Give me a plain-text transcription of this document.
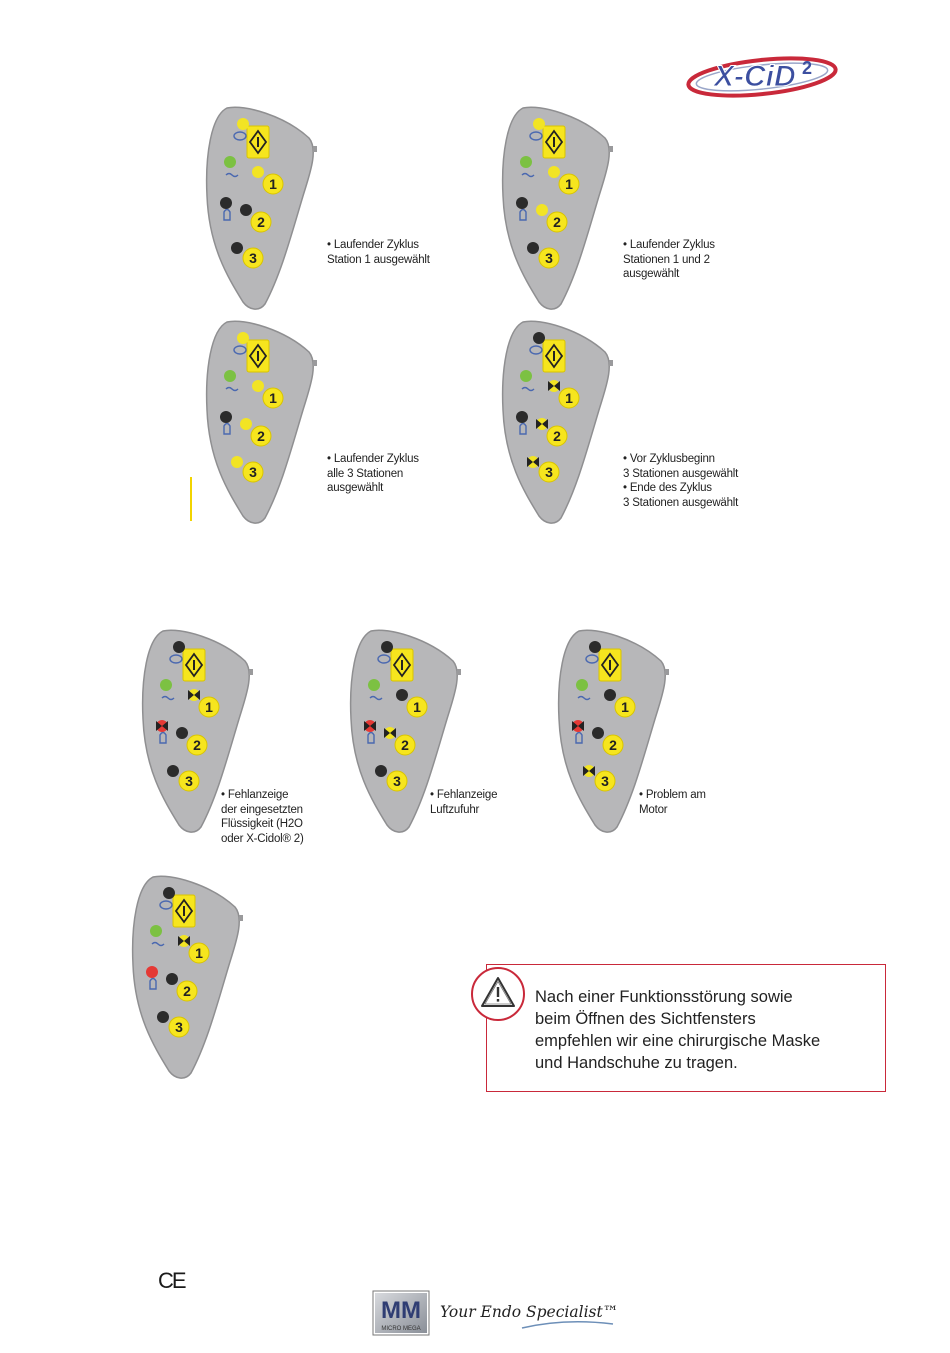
X-CiD 2
1
2
3
1
2
3
1
2
3
1
2
3
1
2
3
1
2
3
1
2
3
1
2
3
• Laufender Zyklus
Station 1 ausgewählt
• Laufender Zyklus
Stationen 1 und 2
ausgewählt
• Laufender Zyklus
alle 3 Stationen
ausgewählt
• Vor Zyklusbeginn
3 Stationen ausgewählt
• Ende des Zyklus
3 Stationen ausgewählt
• Fehlanzeige
der eingesetzten
Flüssigkeit (H2O
oder X-Cidol® 2)
• Fehlanzeige
Luftzufuhr
• Problem am
Motor
Nach einer Funktionsstörung sowie
beim Öffnen des Sichtfensters
empfehlen wir eine chirurgische Maske
und Handschuhe zu tragen.
CE
MM
MICRO MEGA
Your Endo Specialist™
